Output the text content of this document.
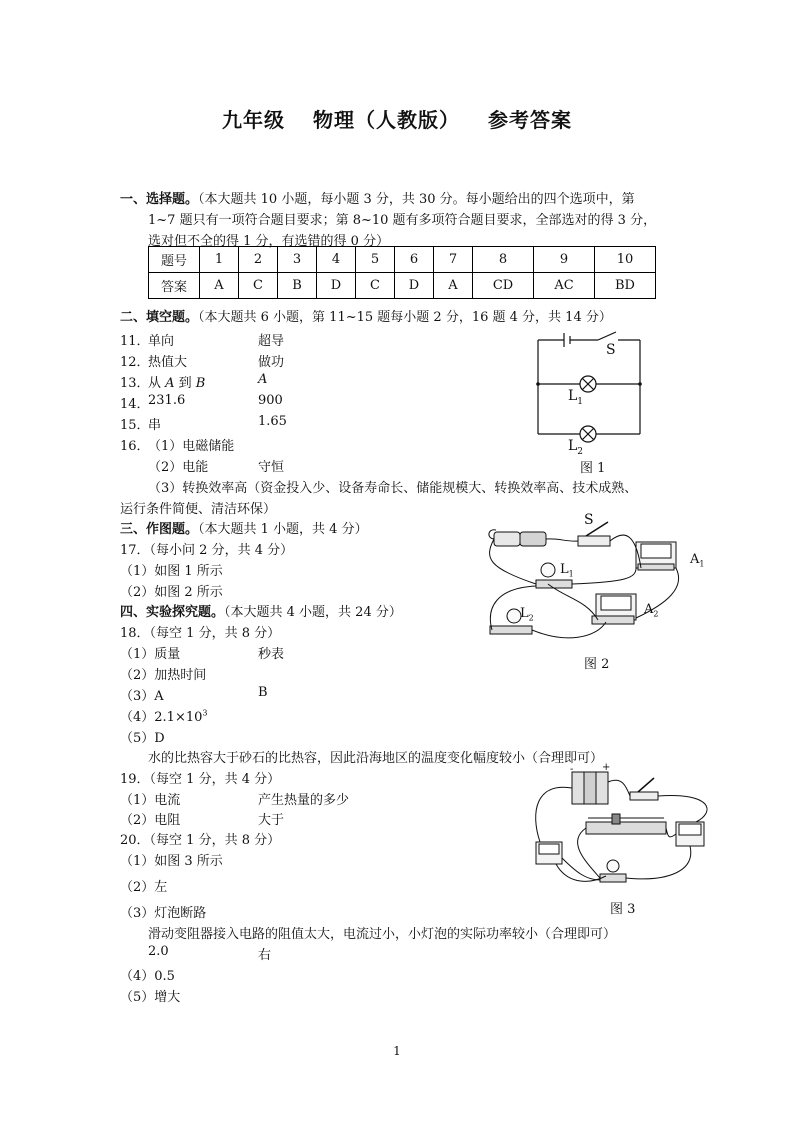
九年级 物理（人教版） 参考答案
一、选择题。（本大题共 10 小题，每小题 3 分，共 30 分。每小题给出的四个选项中，第
1~7 题只有一项符合题目要求；第 8~10 题有多项符合题目要求，全部选对的得 3 分，
选对但不全的得 1 分，有选错的得 0 分）
题号	1	2	3	4	5	6	7	8	9	10
答案	A	C	B	D	C	D	A	CD	AC	BD
二、填空题。（本大题共 6 小题，第 11~15 题每小题 2 分，16 题 4 分，共 14 分）
11．
单向	超导
12．
热值大	做功
13．
从 A 到 B	A
14．
231.6	900
15．
串	1.65
16．
（1）电磁储能
（2）电能	守恒
（3）转换效率高（资金投入少、设备寿命长、储能规模大、转换效率高、技术成熟、
运行条件简便、清洁环保）
三、作图题。（本大题共 1 小题，共 4 分）
17．（每小问 2 分，共 4 分）
（1）如图 1 所示
（2）如图 2 所示
四、实验探究题。（本大题共 4 小题，共 24 分）
18．（每空 1 分，共 8 分）
（1）质量	秒表
（2）加热时间
（3）A	B
$(4)2.1\times 10^3$
（5）D
水的比热容大于砂石的比热容，因此沿海地区的温度变化幅度较小（合理即可）
19．（每空 1 分，共 4 分）
（1）电流	产生热量的多少
（2）电阻	大于
20．（每空 1 分，共 8 分）
（1）如图 3 所示
（2）左
（3）灯泡断路
滑动变阻器接入电路的阻值太大，电流过小，小灯泡的实际功率较小（合理即可）
2.0	右
（4）0.5
（5）增大
S
$L_1$
$L_2$
图 1
S
$L_1$
$L_2$
$A_1$
$A_2$
图 2
-	+
图 3
1
